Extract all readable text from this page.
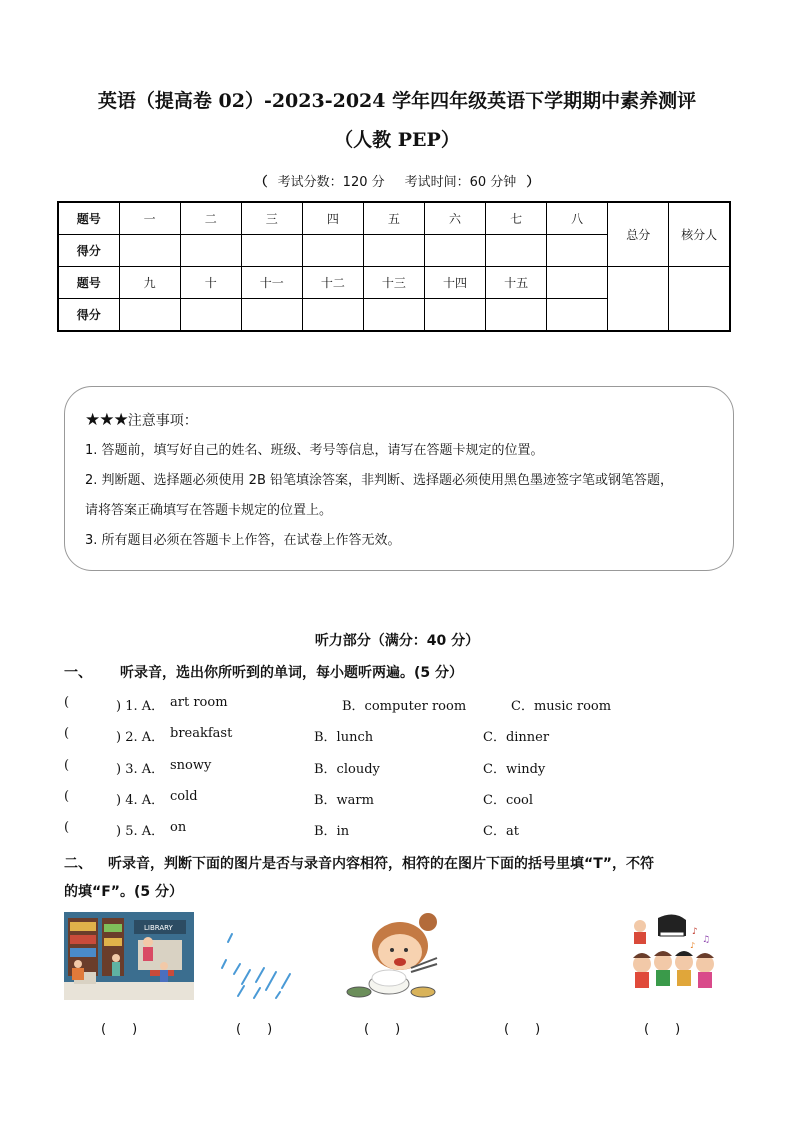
英语（提高卷 02）-2023-2024 学年四年级英语下学期期中素养测评
（人教 PEP）
（ 考试分数：120 分 考试时间：60 分钟 ）
题号	一	二	三	四	五	六	七	八	总分	核分人
得分										
题号	九	十	十一	十二	十三	十四	十五			
得分										

★★★注意事项：

1. 答题前，填写好自己的姓名、班级、考号等信息，请写在答题卡规定的位置。

2. 判断题、选择题必须使用 2B 铅笔填涂答案，非判断、选择题必须使用黑色墨迹签字笔或钢笔答题，

请将答案正确填写在答题卡规定的位置上。

3. 所有题目必须在答题卡上作答，在试卷上作答无效。

听力部分（满分：40 分）
一、 听录音，选出你所听到的单词，每小题听两遍。(5 分）
(	) 1. A． art room	B．computer room	C．music room
(	) 2. A． breakfast	B．lunch	C．dinner
(	) 3. A． snowy	B．cloudy	C．windy
(	) 4. A． cold	B．warm	C．cool
(	) 5. A． on	B．in	C．at
二、 听录音，判断下面的图片是否与录音内容相符，相符的在图片下面的括号里填“T”，不符
的填“F”。(5 分）
LIBRARY	♪
♫
♪
(　　)	(　　)	(　　)	(　　)	(　　)
